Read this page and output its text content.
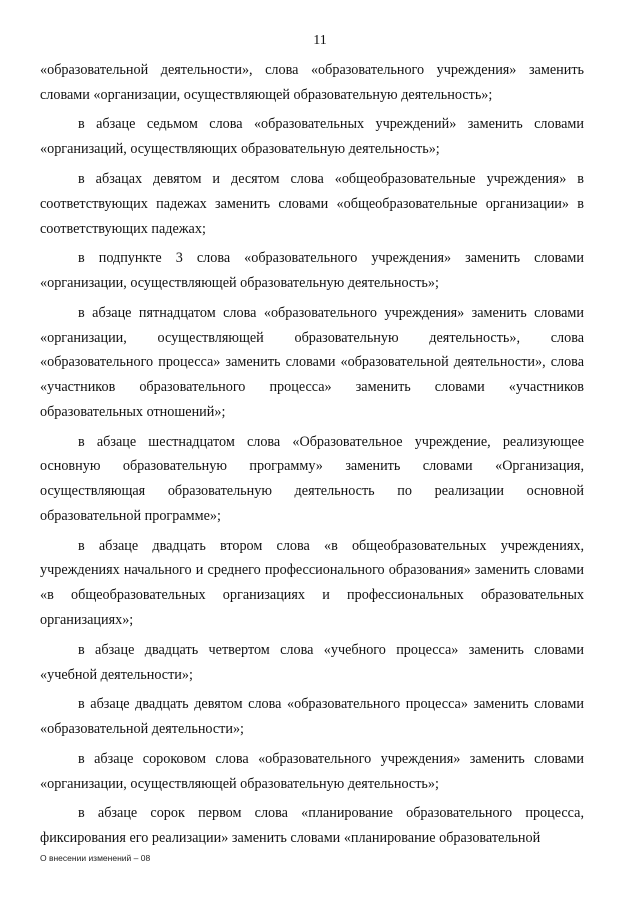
11

«образовательной деятельности», слова «образовательного учреждения» заменить словами «организации, осуществляющей образовательную деятельность»;

в абзаце седьмом слова «образовательных учреждений» заменить словами «организаций, осуществляющих образовательную деятельность»;

в абзацах девятом и десятом слова «общеобразовательные учреждения» в соответствующих падежах заменить словами «общеобразовательные организации» в соответствующих падежах;

в подпункте 3 слова «образовательного учреждения» заменить словами «организации, осуществляющей образовательную деятельность»;

в абзаце пятнадцатом слова «образовательного учреждения» заменить словами «организации, осуществляющей образовательную деятельность», слова «образовательного процесса» заменить словами «образовательной деятельности», слова «участников образовательного процесса» заменить словами «участников образовательных отношений»;

в абзаце шестнадцатом слова «Образовательное учреждение, реализующее основную образовательную программу» заменить словами «Организация, осуществляющая образовательную деятельность по реализации основной образовательной программе»;

в абзаце двадцать втором слова «в общеобразовательных учреждениях, учреждениях начального и среднего профессионального образования» заменить словами «в общеобразовательных организациях и профессиональных образовательных организациях»;

в абзаце двадцать четвертом слова «учебного процесса» заменить словами «учебной деятельности»;

в абзаце двадцать девятом слова «образовательного процесса» заменить словами «образовательной деятельности»;

в абзаце сороковом слова «образовательного учреждения» заменить словами «организации, осуществляющей образовательную деятельность»;

в абзаце сорок первом слова «планирование образовательного процесса, фиксирования его реализации» заменить словами «планирование образовательной

О внесении изменений – 08
